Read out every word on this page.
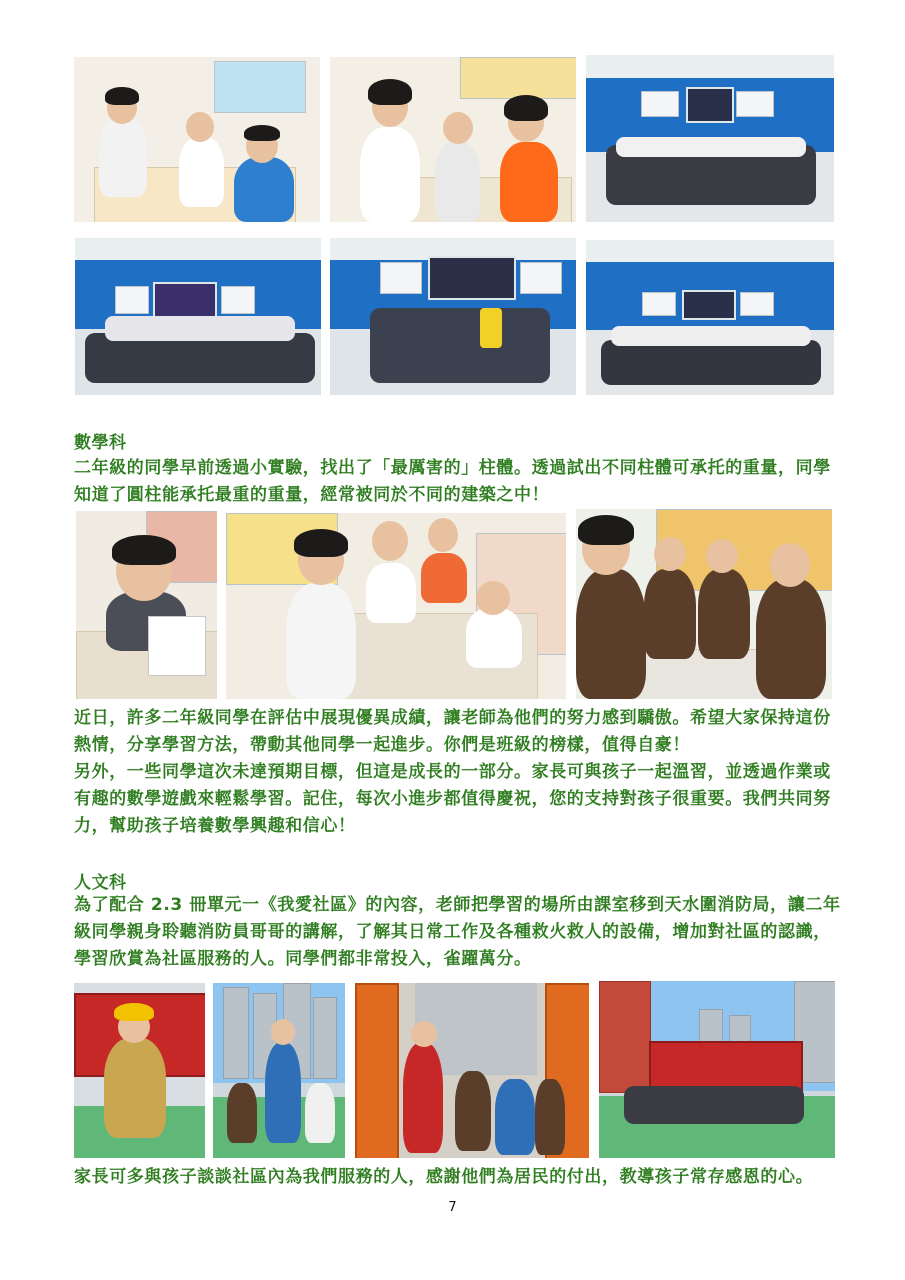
數學科

二年級的同學早前透過小實驗，找出了「最厲害的」柱體。透過試出不同柱體可承托的重量，同學知道了圓柱能承托最重的重量，經常被同於不同的建築之中！

近日，許多二年級同學在評估中展現優異成績，讓老師為他們的努力感到驕傲。希望大家保持這份熱情，分享學習方法，帶動其他同學一起進步。你們是班級的榜樣，值得自豪！

另外，一些同學這次未達預期目標，但這是成長的一部分。家長可與孩子一起溫習，並透過作業或有趣的數學遊戲來輕鬆學習。記住，每次小進步都值得慶祝，您的支持對孩子很重要。我們共同努力，幫助孩子培養數學興趣和信心！

人文科

為了配合 2.3 冊單元一《我愛社區》的內容，老師把學習的場所由課室移到天水圍消防局，讓二年級同學親身聆聽消防員哥哥的講解，了解其日常工作及各種救火救人的設備，增加對社區的認識，學習欣賞為社區服務的人。同學們都非常投入，雀躍萬分。

家長可多與孩子談談社區內為我們服務的人，感謝他們為居民的付出，教導孩子常存感恩的心。

7
